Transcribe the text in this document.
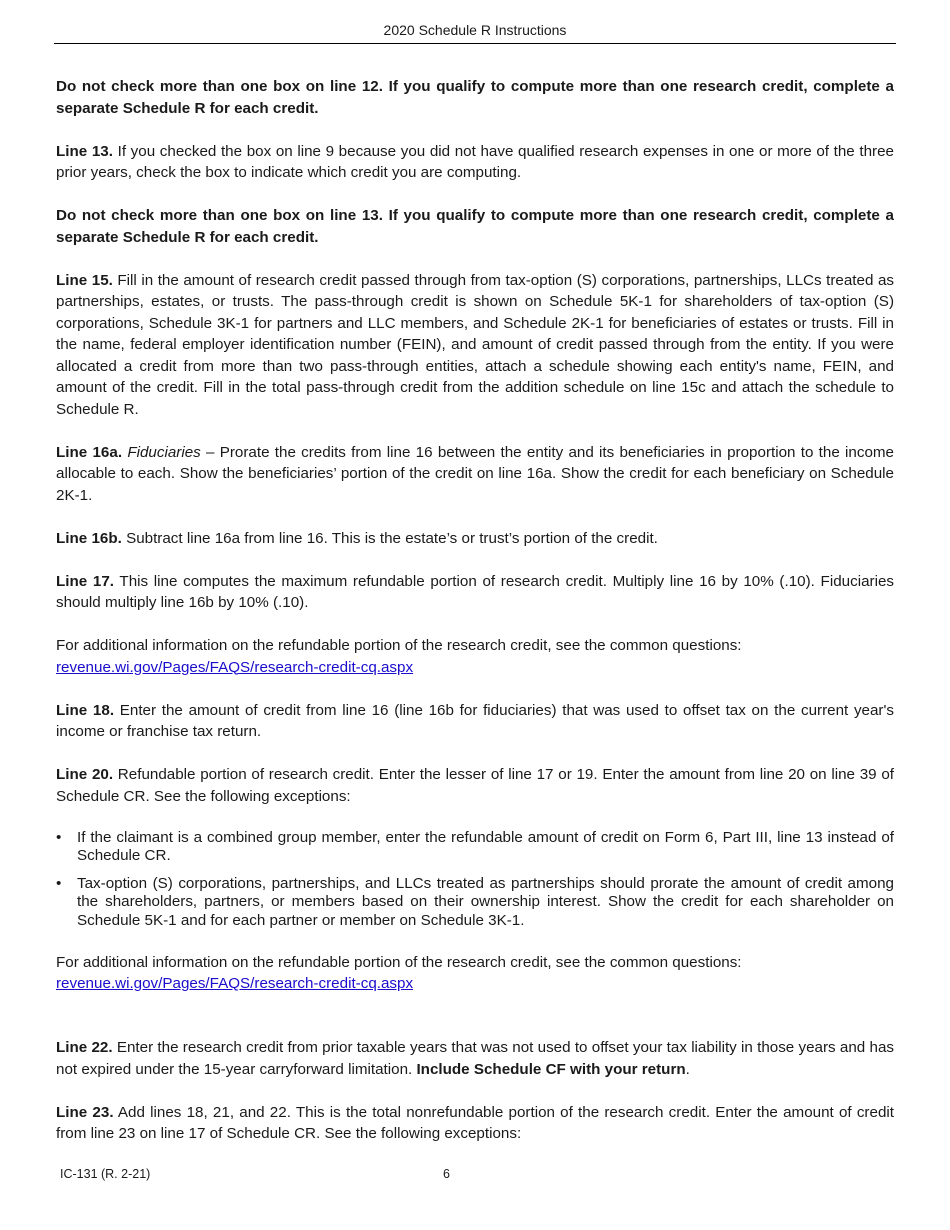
2020 Schedule R Instructions

Do not check more than one box on line 12. If you qualify to compute more than one research credit, complete a separate Schedule R for each credit.

Line 13. If you checked the box on line 9 because you did not have qualified research expenses in one or more of the three prior years, check the box to indicate which credit you are computing.

Do not check more than one box on line 13. If you qualify to compute more than one research credit, complete a separate Schedule R for each credit.

Line 15. Fill in the amount of research credit passed through from tax-option (S) corporations, partnerships, LLCs treated as partnerships, estates, or trusts. The pass-through credit is shown on Schedule 5K-1 for shareholders of tax-option (S) corporations, Schedule 3K-1 for partners and LLC members, and Schedule 2K-1 for beneficiaries of estates or trusts. Fill in the name, federal employer identification number (FEIN), and amount of credit passed through from the entity. If you were allocated a credit from more than two pass-through entities, attach a schedule showing each entity's name, FEIN, and amount of the credit. Fill in the total pass-through credit from the addition schedule on line 15c and attach the schedule to Schedule R.

Line 16a. Fiduciaries – Prorate the credits from line 16 between the entity and its beneficiaries in proportion to the income allocable to each. Show the beneficiaries’ portion of the credit on line 16a. Show the credit for each beneficiary on Schedule 2K-1.

Line 16b. Subtract line 16a from line 16. This is the estate’s or trust’s portion of the credit.

Line 17. This line computes the maximum refundable portion of research credit. Multiply line 16 by 10% (.10). Fiduciaries should multiply line 16b by 10% (.10).

For additional information on the refundable portion of the research credit, see the common questions:
revenue.wi.gov/Pages/FAQS/research-credit-cq.aspx

Line 18. Enter the amount of credit from line 16 (line 16b for fiduciaries) that was used to offset tax on the current year's income or franchise tax return.

Line 20. Refundable portion of research credit. Enter the lesser of line 17 or 19. Enter the amount from line 20 on line 39 of Schedule CR. See the following exceptions:

• If the claimant is a combined group member, enter the refundable amount of credit on Form 6, Part III, line 13 instead of Schedule CR.
• Tax-option (S) corporations, partnerships, and LLCs treated as partnerships should prorate the amount of credit among the shareholders, partners, or members based on their ownership interest. Show the credit for each shareholder on Schedule 5K-1 and for each partner or member on Schedule 3K-1.

For additional information on the refundable portion of the research credit, see the common questions:
revenue.wi.gov/Pages/FAQS/research-credit-cq.aspx

Line 22. Enter the research credit from prior taxable years that was not used to offset your tax liability in those years and has not expired under the 15-year carryforward limitation. Include Schedule CF with your return.

Line 23. Add lines 18, 21, and 22. This is the total nonrefundable portion of the research credit. Enter the amount of credit from line 23 on line 17 of Schedule CR. See the following exceptions:

IC-131 (R. 2-21)	6
